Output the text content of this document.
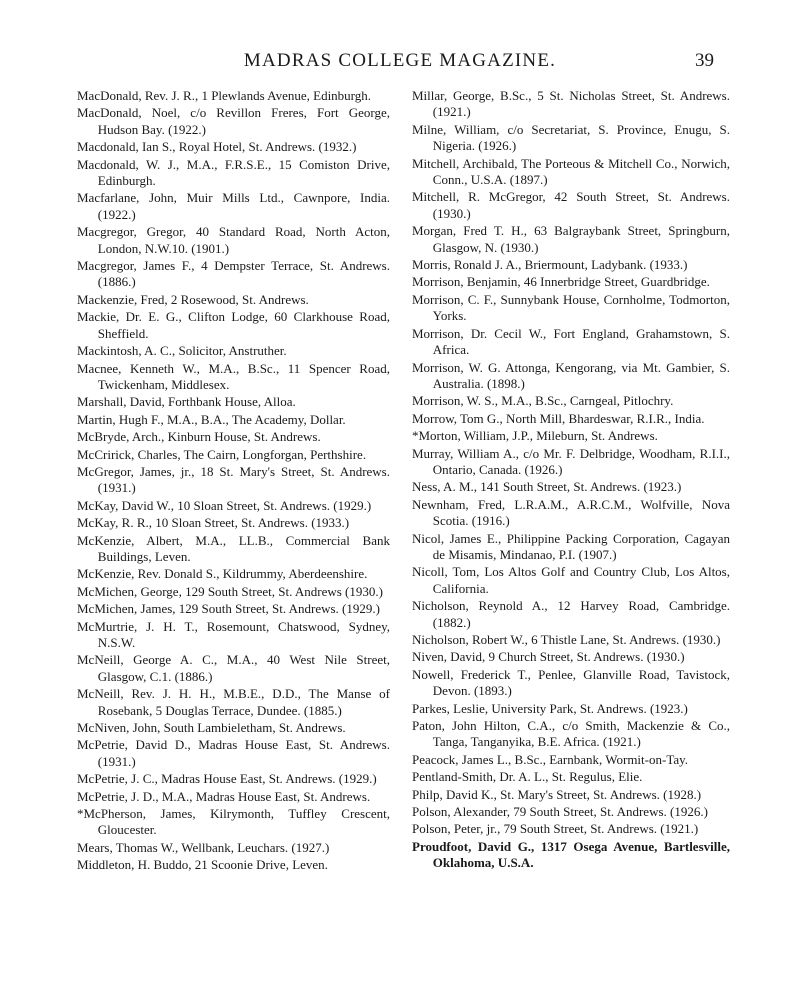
MADRAS COLLEGE MAGAZINE.	39

MacDonald, Rev. J. R., 1 Plewlands Avenue, Edinburgh.

MacDonald, Noel, c/o Revillon Freres, Fort George, Hudson Bay. (1922.)

Macdonald, Ian S., Royal Hotel, St. Andrews. (1932.)

Macdonald, W. J., M.A., F.R.S.E., 15 Comiston Drive, Edinburgh.

Macfarlane, John, Muir Mills Ltd., Cawnpore, India. (1922.)

Macgregor, Gregor, 40 Standard Road, North Acton, London, N.W.10. (1901.)

Macgregor, James F., 4 Dempster Terrace, St. Andrews. (1886.)

Mackenzie, Fred, 2 Rosewood, St. Andrews.

Mackie, Dr. E. G., Clifton Lodge, 60 Clarkhouse Road, Sheffield.

Mackintosh, A. C., Solicitor, Anstruther.

Macnee, Kenneth W., M.A., B.Sc., 11 Spencer Road, Twickenham, Middlesex.

Marshall, David, Forthbank House, Alloa.

Martin, Hugh F., M.A., B.A., The Academy, Dollar.

McBryde, Arch., Kinburn House, St. Andrews.

McCririck, Charles, The Cairn, Longforgan, Perthshire.

McGregor, James, jr., 18 St. Mary's Street, St. Andrews. (1931.)

McKay, David W., 10 Sloan Street, St. Andrews. (1929.)

McKay, R. R., 10 Sloan Street, St. Andrews. (1933.)

McKenzie, Albert, M.A., LL.B., Commercial Bank Buildings, Leven.

McKenzie, Rev. Donald S., Kildrummy, Aberdeenshire.

McMichen, George, 129 South Street, St. Andrews (1930.)

McMichen, James, 129 South Street, St. Andrews. (1929.)

McMurtrie, J. H. T., Rosemount, Chatswood, Sydney, N.S.W.

McNeill, George A. C., M.A., 40 West Nile Street, Glasgow, C.1. (1886.)

McNeill, Rev. J. H. H., M.B.E., D.D., The Manse of Rosebank, 5 Douglas Terrace, Dundee. (1885.)

McNiven, John, South Lambieletham, St. Andrews.

McPetrie, David D., Madras House East, St. Andrews. (1931.)

McPetrie, J. C., Madras House East, St. Andrews. (1929.)

McPetrie, J. D., M.A., Madras House East, St. Andrews.

*McPherson, James, Kilrymonth, Tuffley Crescent, Gloucester.

Mears, Thomas W., Wellbank, Leuchars. (1927.)

Middleton, H. Buddo, 21 Scoonie Drive, Leven.

Millar, George, B.Sc., 5 St. Nicholas Street, St. Andrews. (1921.)

Milne, William, c/o Secretariat, S. Province, Enugu, S. Nigeria. (1926.)

Mitchell, Archibald, The Porteous & Mitchell Co., Norwich, Conn., U.S.A. (1897.)

Mitchell, R. McGregor, 42 South Street, St. Andrews. (1930.)

Morgan, Fred T. H., 63 Balgraybank Street, Springburn, Glasgow, N. (1930.)

Morris, Ronald J. A., Briermount, Ladybank. (1933.)

Morrison, Benjamin, 46 Innerbridge Street, Guardbridge.

Morrison, C. F., Sunnybank House, Cornholme, Todmorton, Yorks.

Morrison, Dr. Cecil W., Fort England, Grahamstown, S. Africa.

Morrison, W. G. Attonga, Kengorang, via Mt. Gambier, S. Australia. (1898.)

Morrison, W. S., M.A., B.Sc., Carngeal, Pitlochry.

Morrow, Tom G., North Mill, Bhardeswar, R.I.R., India.

*Morton, William, J.P., Mileburn, St. Andrews.

Murray, William A., c/o Mr. F. Delbridge, Woodham, R.I.I., Ontario, Canada. (1926.)

Ness, A. M., 141 South Street, St. Andrews. (1923.)

Newnham, Fred, L.R.A.M., A.R.C.M., Wolfville, Nova Scotia. (1916.)

Nicol, James E., Philippine Packing Corporation, Cagayan de Misamis, Mindanao, P.I. (1907.)

Nicoll, Tom, Los Altos Golf and Country Club, Los Altos, California.

Nicholson, Reynold A., 12 Harvey Road, Cambridge. (1882.)

Nicholson, Robert W., 6 Thistle Lane, St. Andrews. (1930.)

Niven, David, 9 Church Street, St. Andrews. (1930.)

Nowell, Frederick T., Penlee, Glanville Road, Tavistock, Devon. (1893.)

Parkes, Leslie, University Park, St. Andrews. (1923.)

Paton, John Hilton, C.A., c/o Smith, Mackenzie & Co., Tanga, Tanganyika, B.E. Africa. (1921.)

Peacock, James L., B.Sc., Earnbank, Wormit-on-Tay.

Pentland-Smith, Dr. A. L., St. Regulus, Elie.

Philp, David K., St. Mary's Street, St. Andrews. (1928.)

Polson, Alexander, 79 South Street, St. Andrews. (1926.)

Polson, Peter, jr., 79 South Street, St. Andrews. (1921.)

Proudfoot, David G., 1317 Osega Avenue, Bartlesville, Oklahoma, U.S.A.
